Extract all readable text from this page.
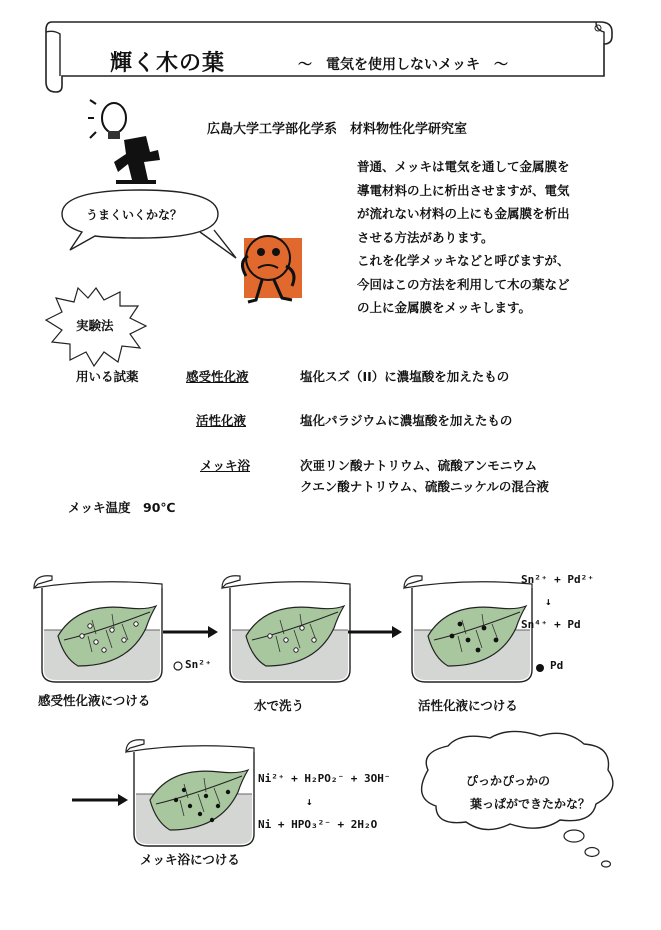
輝く木の葉	～　電気を使用しないメッキ　～
広島大学工学部化学系　材料物性化学研究室
うまくいくかな？

普通、メッキは電気を通して金属膜を

導電材料の上に析出させますが、電気

が流れない材料の上にも金属膜を析出

させる方法があります。

これを化学メッキなどと呼びますが、

今回はこの方法を利用して木の葉など

の上に金属膜をメッキします。

実験法
用いる試薬	感受性化液	塩化スズ（II）に濃塩酸を加えたもの
活性化液	塩化パラジウムに濃塩酸を加えたもの
メッキ浴	次亜リン酸ナトリウム、硫酸アンモニウム
クエン酸ナトリウム、硫酸ニッケルの混合液
メッキ温度　90℃
Sn²⁺	Pd
Sn²⁺ + Pd²⁺
↓
Sn⁴⁺ + Pd
感受性化液につける	水で洗う	活性化液につける
メッキ浴につける
Ni²⁺ + H₂PO₂⁻ + 3OH⁻
↓
Ni + HPO₃²⁻ + 2H₂O
ぴっかぴっかの
葉っぱができたかな？
